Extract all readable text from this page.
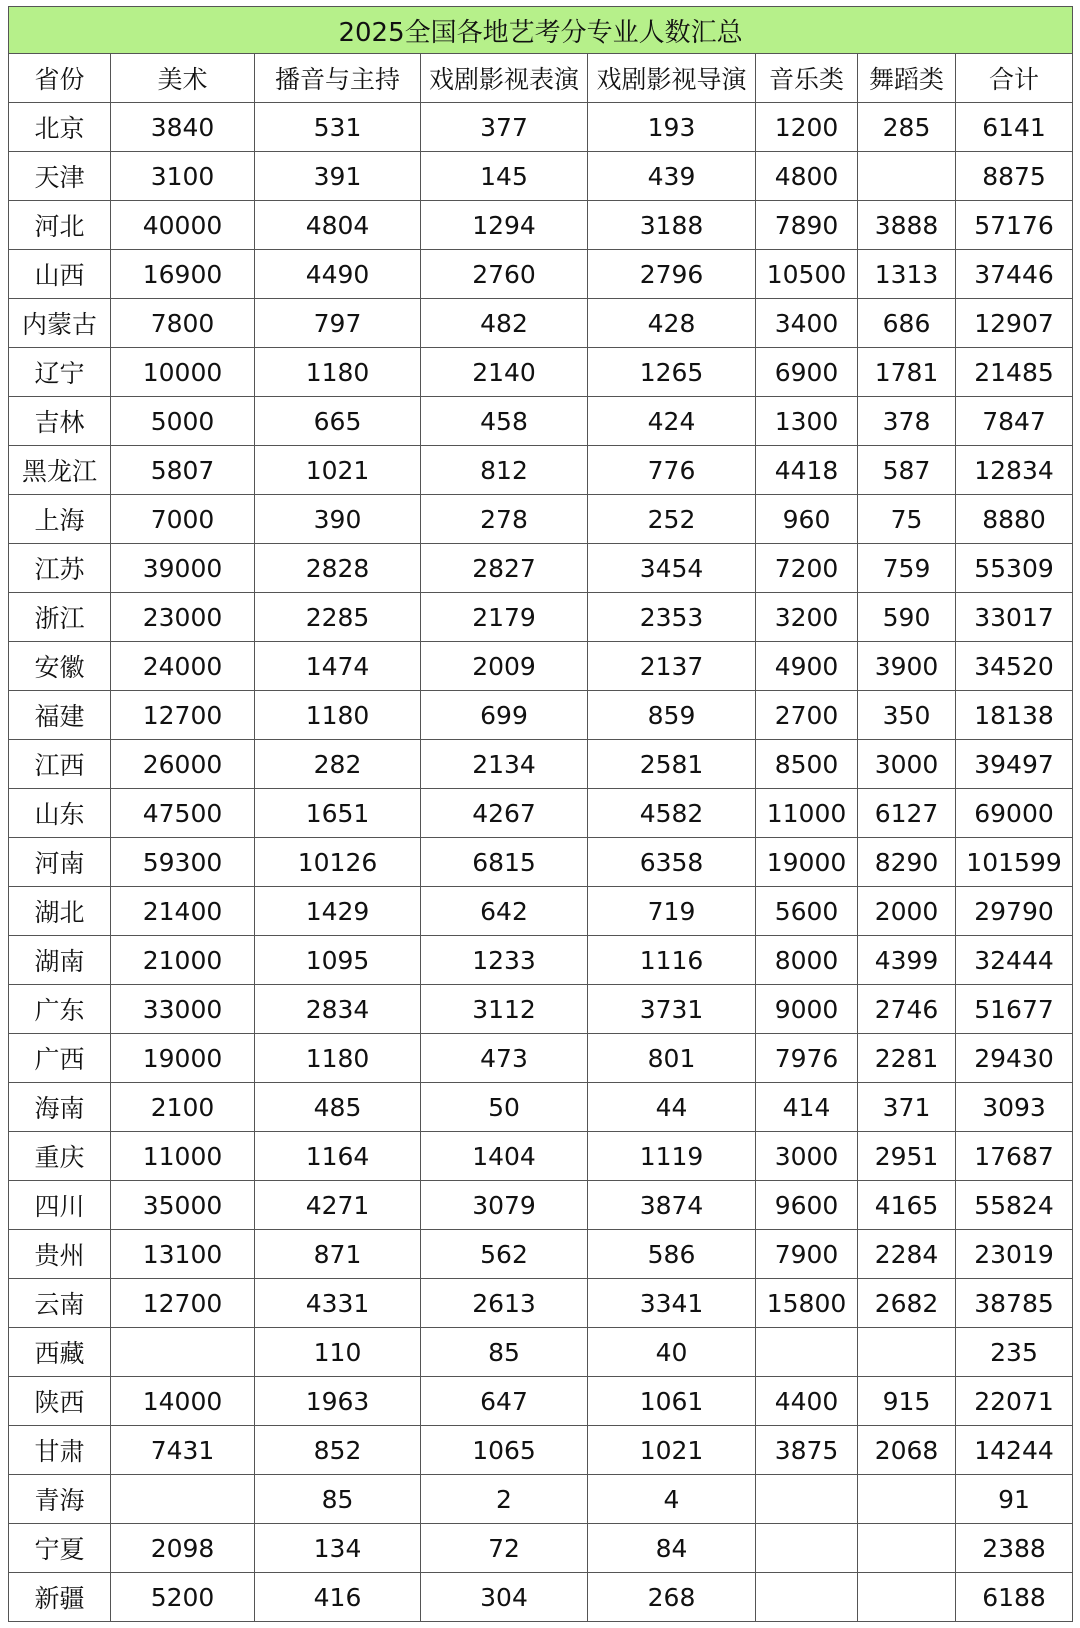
2025全国各地艺考分专业人数汇总							
省份	美术	播音与主持	戏剧影视表演	戏剧影视导演	音乐类	舞蹈类	合计
北京	3840	531	377	193	1200	285	6141
天津	3100	391	145	439	4800		8875
河北	40000	4804	1294	3188	7890	3888	57176
山西	16900	4490	2760	2796	10500	1313	37446
内蒙古	7800	797	482	428	3400	686	12907
辽宁	10000	1180	2140	1265	6900	1781	21485
吉林	5000	665	458	424	1300	378	7847
黑龙江	5807	1021	812	776	4418	587	12834
上海	7000	390	278	252	960	75	8880
江苏	39000	2828	2827	3454	7200	759	55309
浙江	23000	2285	2179	2353	3200	590	33017
安徽	24000	1474	2009	2137	4900	3900	34520
福建	12700	1180	699	859	2700	350	18138
江西	26000	282	2134	2581	8500	3000	39497
山东	47500	1651	4267	4582	11000	6127	69000
河南	59300	10126	6815	6358	19000	8290	101599
湖北	21400	1429	642	719	5600	2000	29790
湖南	21000	1095	1233	1116	8000	4399	32444
广东	33000	2834	3112	3731	9000	2746	51677
广西	19000	1180	473	801	7976	2281	29430
海南	2100	485	50	44	414	371	3093
重庆	11000	1164	1404	1119	3000	2951	17687
四川	35000	4271	3079	3874	9600	4165	55824
贵州	13100	871	562	586	7900	2284	23019
云南	12700	4331	2613	3341	15800	2682	38785
西藏		110	85	40			235
陕西	14000	1963	647	1061	4400	915	22071
甘肃	7431	852	1065	1021	3875	2068	14244
青海		85	2	4			91
宁夏	2098	134	72	84			2388
新疆	5200	416	304	268			6188
